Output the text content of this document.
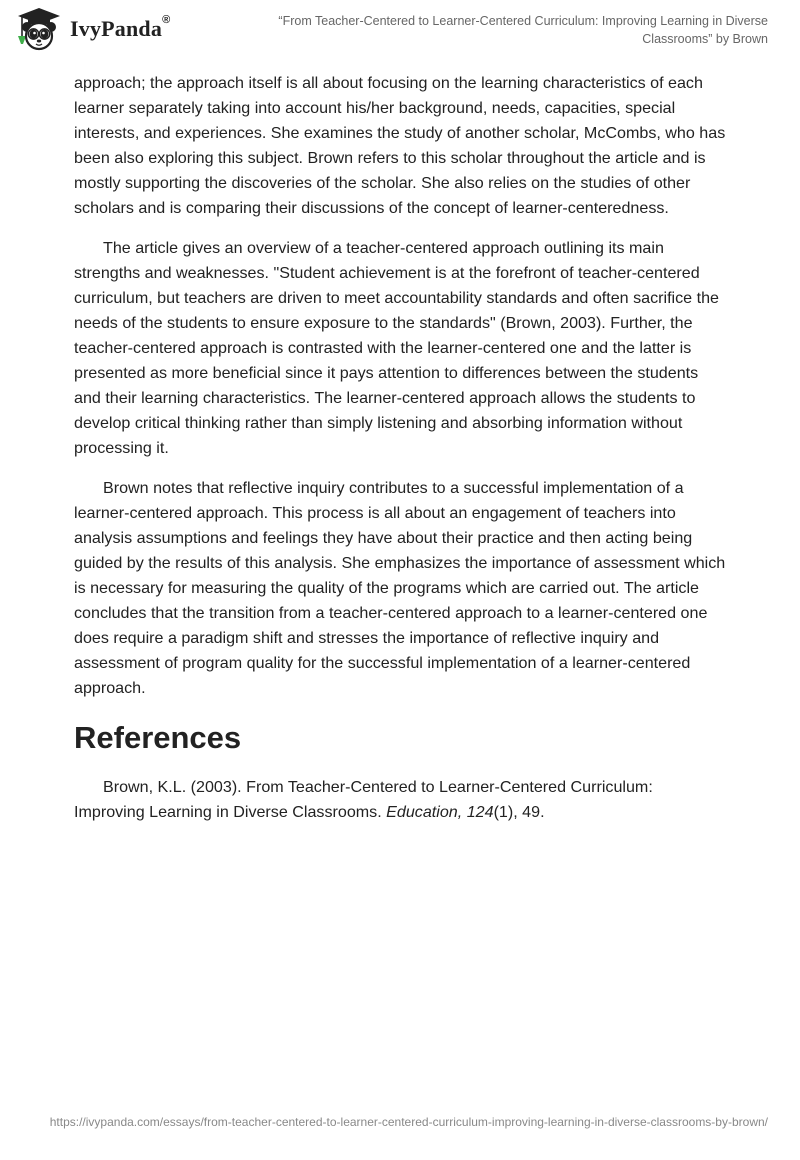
IvyPanda®	“From Teacher-Centered to Learner-Centered Curriculum: Improving Learning in Diverse Classrooms” by Brown

approach; the approach itself is all about focusing on the learning characteristics of each learner separately taking into account his/her background, needs, capacities, special interests, and experiences. She examines the study of another scholar, McCombs, who has been also exploring this subject. Brown refers to this scholar throughout the article and is mostly supporting the discoveries of the scholar. She also relies on the studies of other scholars and is comparing their discussions of the concept of learner-centeredness.

The article gives an overview of a teacher-centered approach outlining its main strengths and weaknesses. "Student achievement is at the forefront of teacher-centered curriculum, but teachers are driven to meet accountability standards and often sacrifice the needs of the students to ensure exposure to the standards" (Brown, 2003). Further, the teacher-centered approach is contrasted with the learner-centered one and the latter is presented as more beneficial since it pays attention to differences between the students and their learning characteristics. The learner-centered approach allows the students to develop critical thinking rather than simply listening and absorbing information without processing it.

Brown notes that reflective inquiry contributes to a successful implementation of a learner-centered approach. This process is all about an engagement of teachers into analysis assumptions and feelings they have about their practice and then acting being guided by the results of this analysis. She emphasizes the importance of assessment which is necessary for measuring the quality of the programs which are carried out. The article concludes that the transition from a teacher-centered approach to a learner-centered one does require a paradigm shift and stresses the importance of reflective inquiry and assessment of program quality for the successful implementation of a learner-centered approach.

References

Brown, K.L. (2003). From Teacher-Centered to Learner-Centered Curriculum: Improving Learning in Diverse Classrooms. Education, 124(1), 49.

https://ivypanda.com/essays/from-teacher-centered-to-learner-centered-curriculum-improving-learning-in-diverse-classrooms-by-brown/
